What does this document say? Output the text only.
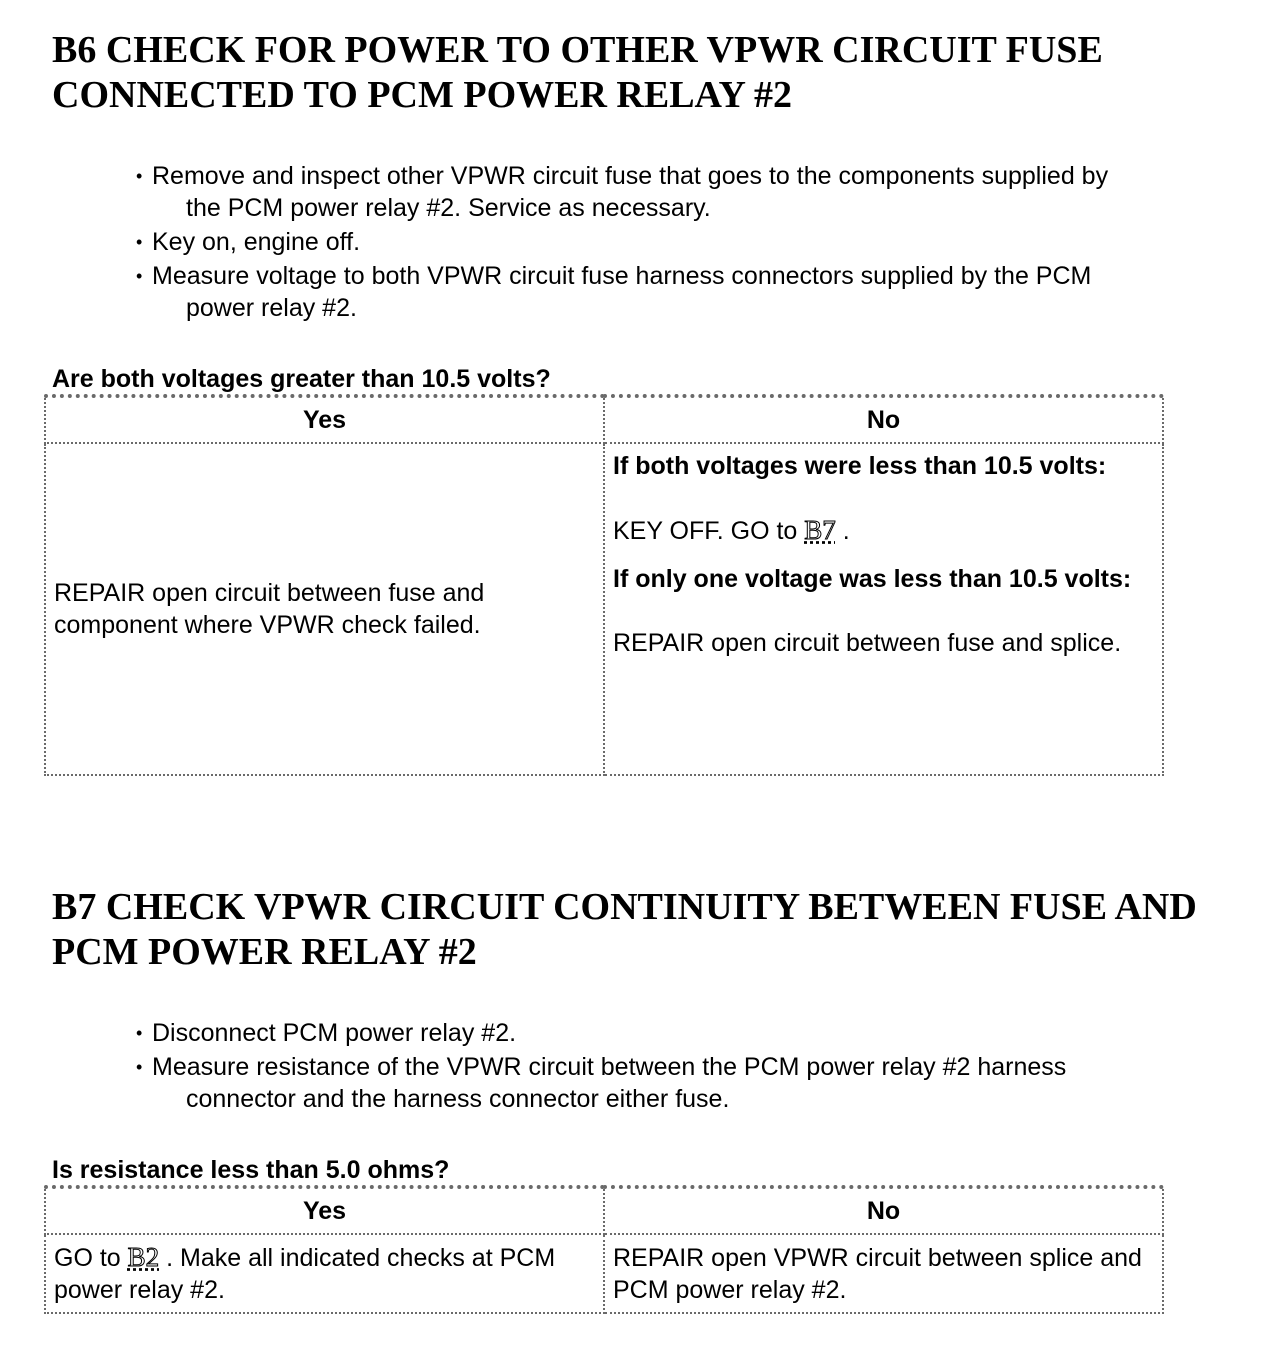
B6 CHECK FOR POWER TO OTHER VPWR CIRCUIT FUSE
CONNECTED TO PCM POWER RELAY #2
• Remove and inspect other VPWR circuit fuse that goes to the components supplied by
the PCM power relay #2. Service as necessary.
• Key on, engine off.
• Measure voltage to both VPWR circuit fuse harness connectors supplied by the PCM
power relay #2.

Are both voltages greater than 10.5 volts?

Yes	No
REPAIR open circuit between fuse and component where VPWR check failed.	If both voltages were less than 10.5 volts:

KEY OFF. GO to B7 .

If only one voltage was less than 10.5 volts:

REPAIR open circuit between fuse and splice.

B7 CHECK VPWR CIRCUIT CONTINUITY BETWEEN FUSE AND
PCM POWER RELAY #2
• Disconnect PCM power relay #2.
• Measure resistance of the VPWR circuit between the PCM power relay #2 harness
connector and the harness connector either fuse.

Is resistance less than 5.0 ohms?

Yes	No
GO to B2 . Make all indicated checks at PCM power relay #2.	REPAIR open VPWR circuit between splice and PCM power relay #2.
